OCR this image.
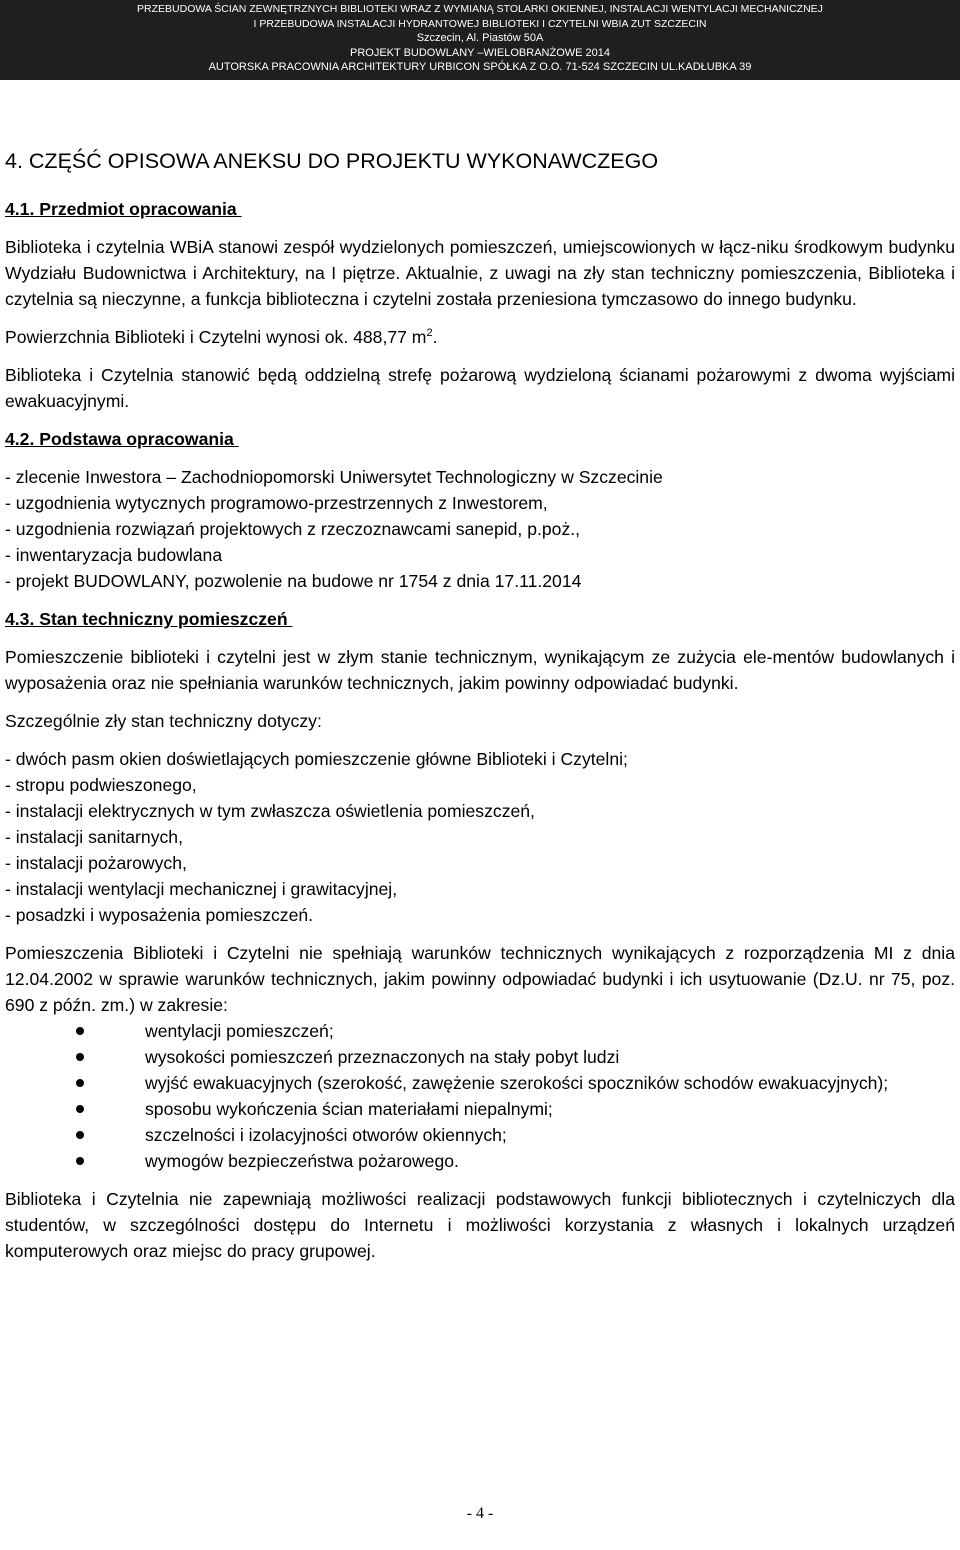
PRZEBUDOWA ŚCIAN ZEWNĘTRZNYCH BIBLIOTEKI WRAZ Z WYMIANĄ STOLARKI OKIENNEJ, INSTALACJI WENTYLACJI MECHANICZNEJ
I PRZEBUDOWA INSTALACJI HYDRANTOWEJ BIBLIOTEKI I CZYTELNI WBIA ZUT SZCZECIN
Szczecin, Al. Piastów 50A
PROJEKT BUDOWLANY –WIELOBRANŻOWE 2014
AUTORSKA PRACOWNIA ARCHITEKTURY URBICON SPÓŁKA Z O.O. 71-524 SZCZECIN UL.KADŁUBKA 39
4. CZĘŚĆ OPISOWA ANEKSU DO PROJEKTU WYKONAWCZEGO
4.1. Przedmiot opracowania

Biblioteka i czytelnia WBiA stanowi zespół wydzielonych pomieszczeń, umiejscowionych w łącz-niku środkowym budynku Wydziału Budownictwa i Architektury, na I piętrze. Aktualnie, z uwagi na zły stan techniczny pomieszczenia, Biblioteka i czytelnia są nieczynne, a funkcja biblioteczna i czytelni została przeniesiona tymczasowo do innego budynku.

Powierzchnia Biblioteki i Czytelni wynosi ok. 488,77 $m^2$.

Biblioteka i Czytelnia stanowić będą oddzielną strefę pożarową wydzieloną ścianami pożarowymi z dwoma wyjściami ewakuacyjnymi.

4.2. Podstawa opracowania
- zlecenie Inwestora – Zachodniopomorski Uniwersytet Technologiczny w Szczecinie
- uzgodnienia wytycznych programowo-przestrzennych z Inwestorem,
- uzgodnienia rozwiązań projektowych z rzeczoznawcami sanepid, p.poż.,
- inwentaryzacja budowlana
- projekt BUDOWLANY, pozwolenie na budowe nr 1754 z dnia 17.11.2014
4.3. Stan techniczny pomieszczeń

Pomieszczenie biblioteki i czytelni jest w złym stanie technicznym, wynikającym ze zużycia ele-mentów budowlanych i wyposażenia oraz nie spełniania warunków technicznych, jakim powinny odpowiadać budynki.

Szczególnie zły stan techniczny dotyczy:

- dwóch pasm okien doświetlających pomieszczenie główne Biblioteki i Czytelni;
- stropu podwieszonego,
- instalacji elektrycznych w tym zwłaszcza oświetlenia pomieszczeń,
- instalacji sanitarnych,
- instalacji pożarowych,
- instalacji wentylacji mechanicznej i grawitacyjnej,
- posadzki i wyposażenia pomieszczeń.

Pomieszczenia Biblioteki i Czytelni nie spełniają warunków technicznych wynikających z rozporządzenia MI z dnia 12.04.2002 w sprawie warunków technicznych, jakim powinny odpowiadać budynki i ich usytuowanie (Dz.U. nr 75, poz. 690 z późn. zm.) w zakresie:

wentylacji pomieszczeń;
wysokości pomieszczeń przeznaczonych na stały pobyt ludzi
wyjść ewakuacyjnych (szerokość, zawężenie szerokości spoczników schodów ewakuacyjnych);
sposobu wykończenia ścian materiałami niepalnymi;
szczelności i izolacyjności otworów okiennych;
wymogów bezpieczeństwa pożarowego.

Biblioteka i Czytelnia nie zapewniają możliwości realizacji podstawowych funkcji bibliotecznych i czytelniczych dla studentów, w szczególności dostępu do Internetu i możliwości korzystania z własnych i lokalnych urządzeń komputerowych oraz miejsc do pracy grupowej.

- 4 -
